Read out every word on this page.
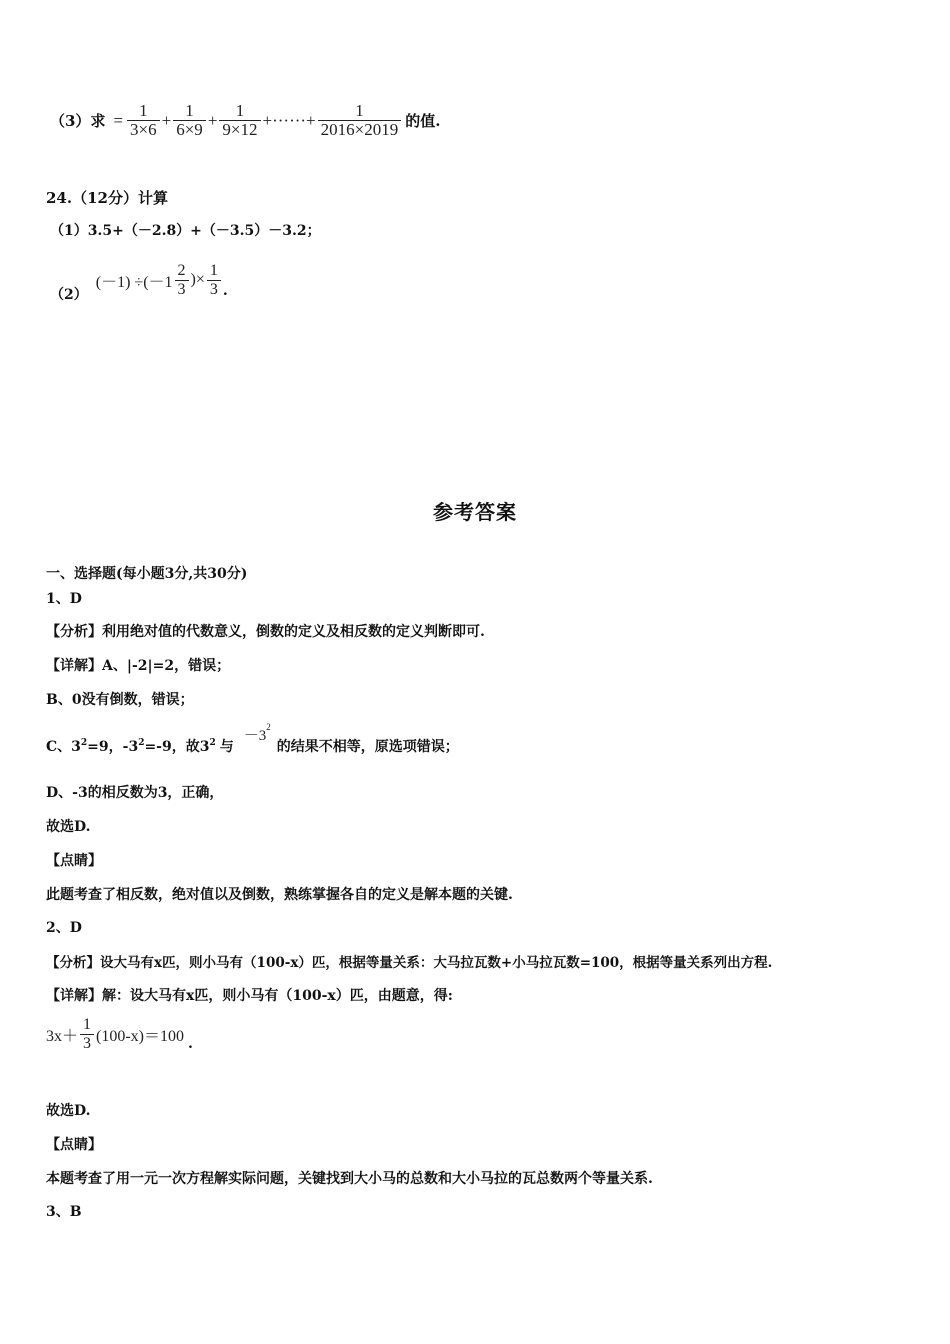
（3）求 = $\frac{1}{3\times 6} + \frac{1}{6\times 9} + \frac{1}{9\times 12}$ +······+ $\frac{1}{2016\times 2019}$ 的值.
24.（12分）计算
（1）3.5+（－2.8）+（－3.5）－3.2；
（2）
$(-1) \div(-1 \frac{2}{3}$ )× $\frac{1}{3}$ .
参考答案
一、选择题(每小题3分,共30分)
1、D
【分析】利用绝对值的代数意义，倒数的定义及相反数的定义判断即可.
【详解】A、|-2|=2，错误；
B、0没有倒数，错误；
C、$3^2 =9$，$-3^2 =-9$，故$3^2$ 与
$-3^2$
的结果不相等，原选项错误；
D、-3的相反数为3，正确，
故选D.
【点睛】
此题考查了相反数，绝对值以及倒数，熟练掌握各自的定义是解本题的关键.
2、D
【分析】设大马有x匹，则小马有（100-x）匹，根据等量关系：大马拉瓦数+小马拉瓦数=100，根据等量关系列出方程.
【详解】解：设大马有x匹，则小马有（100-x）匹，由题意，得:
$3x+ \frac{1}{3} (100-x)=100$ .
故选D.
【点睛】
本题考查了用一元一次方程解实际问题，关键找到大小马的总数和大小马拉的瓦总数两个等量关系.
3、B
